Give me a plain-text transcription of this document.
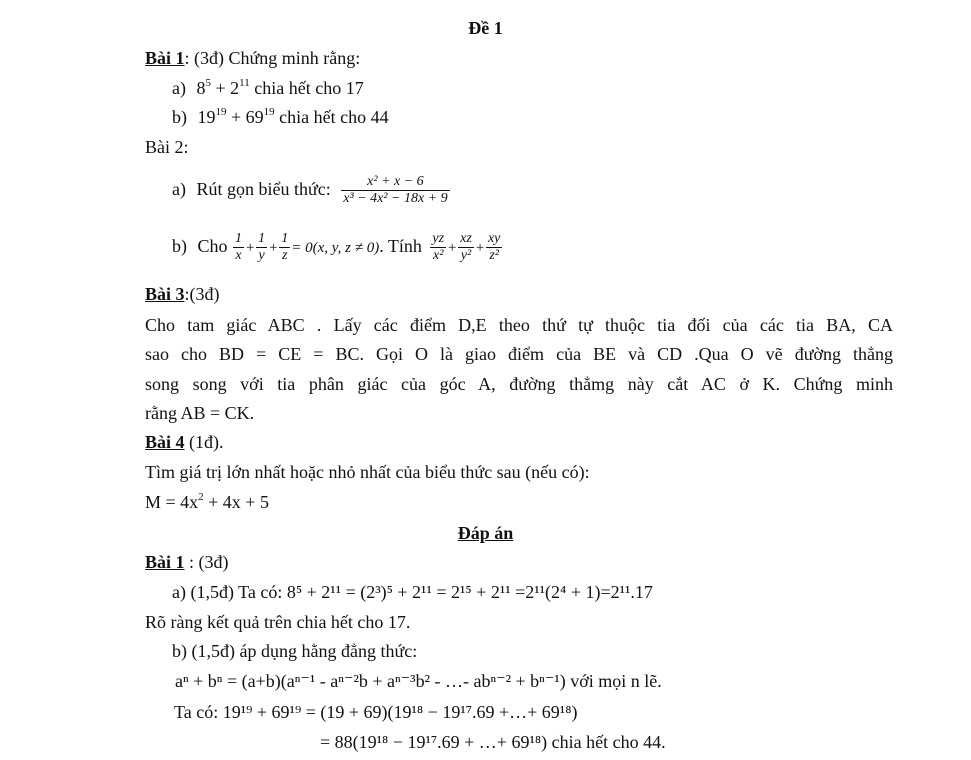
Đề 1
Bài 1: (3đ) Chứng minh rằng:
a) $8^5 + 2^{11}$ chia hết cho 17
b) $19^{19} + 69^{19}$ chia hết cho 44
Bài 2:
a) Rút gọn biểu thức: $\frac{\text{x² + x − 6}}{\text{x³ − 4x² − 18x + 9}}$
b) Cho $\frac{1}{x} + \frac{1}{y} + \frac{1}{z} = 0(x$, y, z ≠ 0). Tính $\frac{yz}{\text{x²}} + \frac{xz}{\text{y²}} + \frac{xy}{\text{z²}}$
Bài 3:(3đ)
Cho tam giác ABC . Lấy các điểm D,E theo thứ tự thuộc tia đối của các tia BA, CA
sao cho BD = CE = BC. Gọi O là giao điểm của BE và CD .Qua O vẽ đường thẳng
song song với tia phân giác của góc A, đường thẳmg này cắt AC ở K. Chứng minh
rằng AB = CK.
Bài 4 (1đ).
Tìm giá trị lớn nhất hoặc nhỏ nhất của biểu thức sau (nếu có):
$M = 4x^2 + 4x + 5$
Đáp án
Bài 1 : (3đ)
a) (1,5đ) Ta có: 8⁵ + 2¹¹ = (2³)⁵ + 2¹¹ = 2¹⁵ + 2¹¹ =2¹¹(2⁴ + 1)=2¹¹.17
Rõ ràng kết quả trên chia hết cho 17.
b) (1,5đ) áp dụng hằng đẳng thức:
aⁿ + bⁿ = (a+b)(aⁿ⁻¹ - aⁿ⁻²b + aⁿ⁻³b² - …- abⁿ⁻² + bⁿ⁻¹) với mọi n lẽ.
Ta có: 19¹⁹ + 69¹⁹ = (19 + 69)(19¹⁸ − 19¹⁷.69 +…+ 69¹⁸)
= 88(19¹⁸ − 19¹⁷.69 + …+ 69¹⁸) chia hết cho 44.
